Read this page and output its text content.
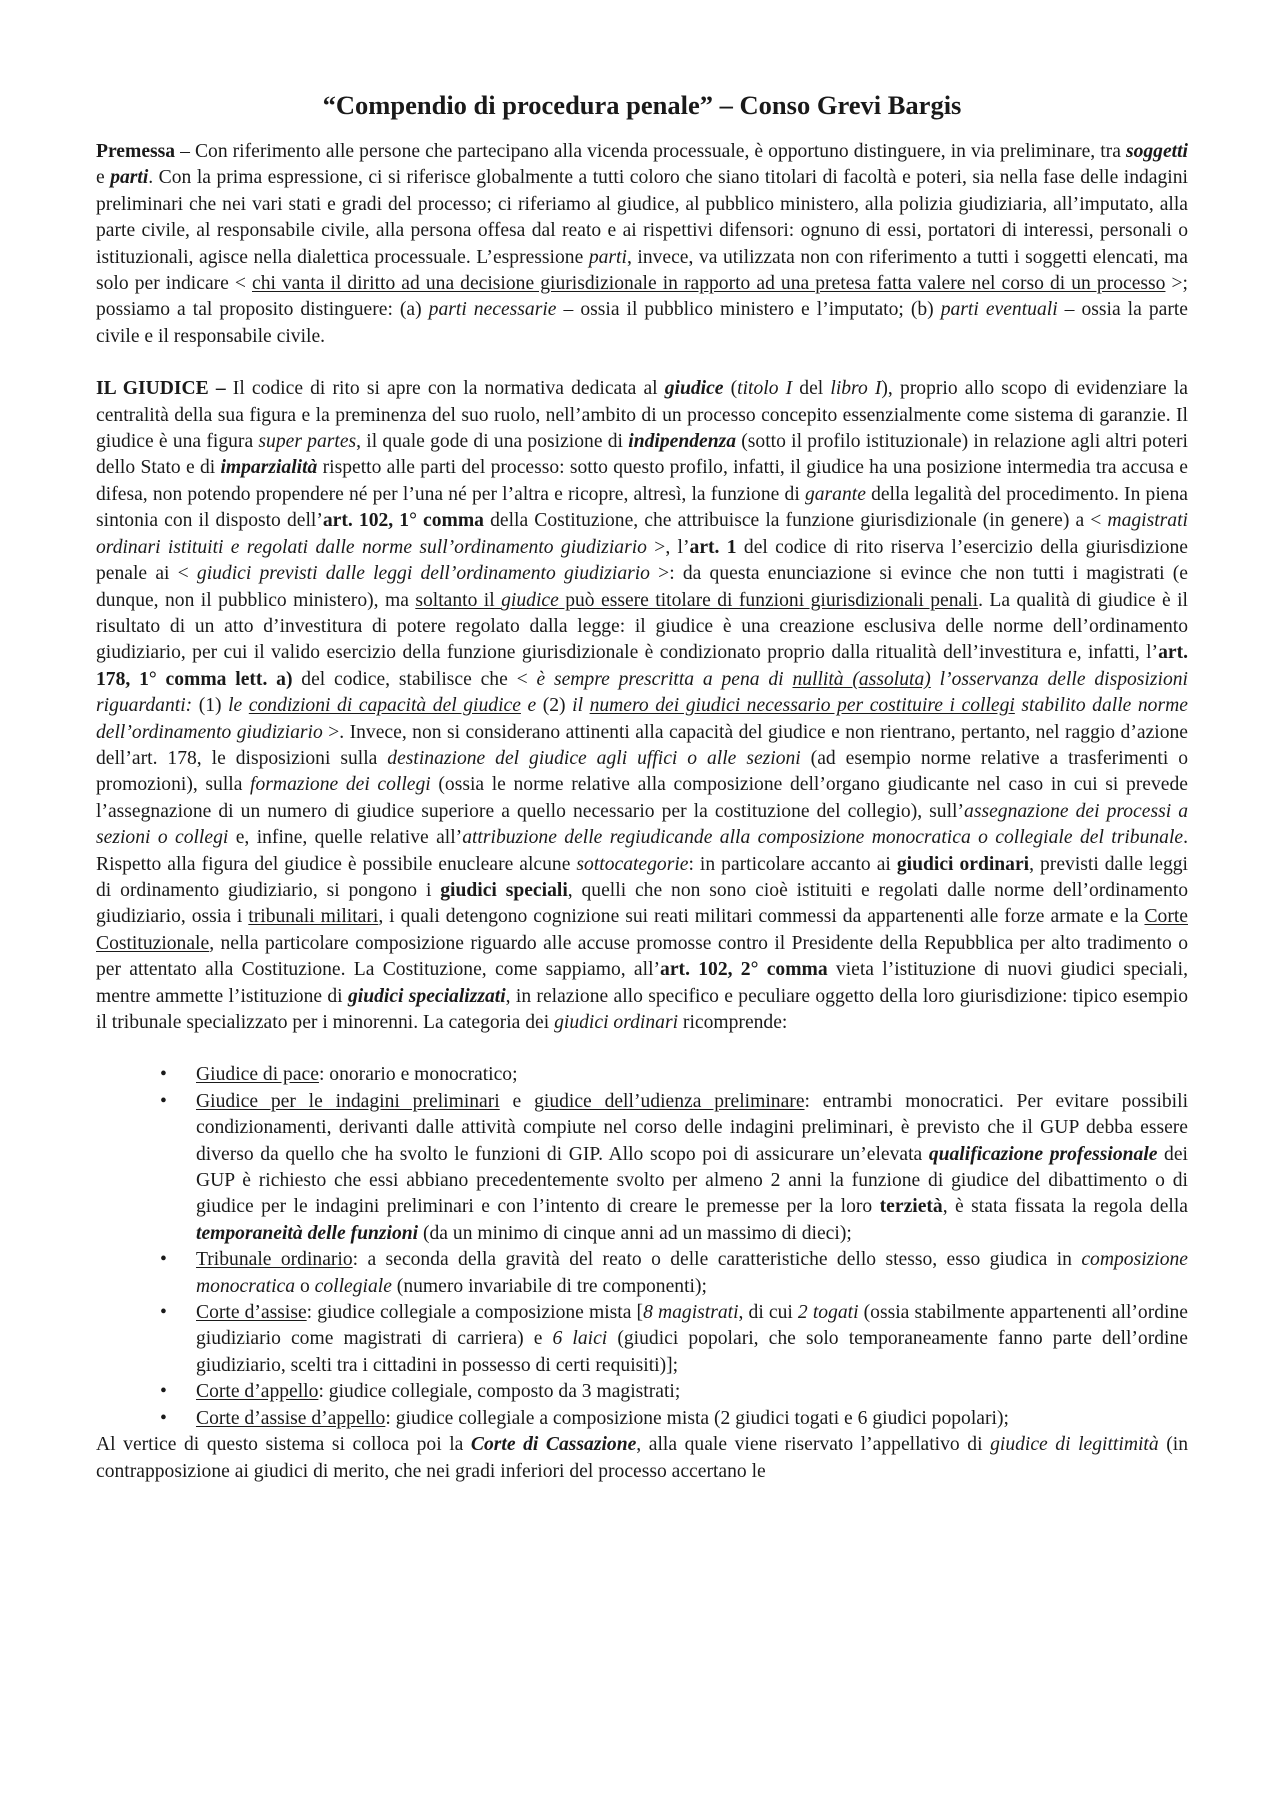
“Compendio di procedura penale” – Conso Grevi Bargis

Premessa – Con riferimento alle persone che partecipano alla vicenda processuale, è opportuno distinguere, in via preliminare, tra soggetti e parti. Con la prima espressione, ci si riferisce globalmente a tutti coloro che siano titolari di facoltà e poteri, sia nella fase delle indagini preliminari che nei vari stati e gradi del processo; ci riferiamo al giudice, al pubblico ministero, alla polizia giudiziaria, all’imputato, alla parte civile, al responsabile civile, alla persona offesa dal reato e ai rispettivi difensori: ognuno di essi, portatori di interessi, personali o istituzionali, agisce nella dialettica processuale. L’espressione parti, invece, va utilizzata non con riferimento a tutti i soggetti elencati, ma solo per indicare < chi vanta il diritto ad una decisione giurisdizionale in rapporto ad una pretesa fatta valere nel corso di un processo >; possiamo a tal proposito distinguere: (a) parti necessarie – ossia il pubblico ministero e l’imputato; (b) parti eventuali – ossia la parte civile e il responsabile civile.

IL GIUDICE – Il codice di rito si apre con la normativa dedicata al giudice (titolo I del libro I), proprio allo scopo di evidenziare la centralità della sua figura e la preminenza del suo ruolo, nell’ambito di un processo concepito essenzialmente come sistema di garanzie. Il giudice è una figura super partes, il quale gode di una posizione di indipendenza (sotto il profilo istituzionale) in relazione agli altri poteri dello Stato e di imparzialità rispetto alle parti del processo: sotto questo profilo, infatti, il giudice ha una posizione intermedia tra accusa e difesa, non potendo propendere né per l’una né per l’altra e ricopre, altresì, la funzione di garante della legalità del procedimento. In piena sintonia con il disposto dell’art. 102, 1° comma della Costituzione, che attribuisce la funzione giurisdizionale (in genere) a < magistrati ordinari istituiti e regolati dalle norme sull’ordinamento giudiziario >, l’art. 1 del codice di rito riserva l’esercizio della giurisdizione penale ai < giudici previsti dalle leggi dell’ordinamento giudiziario >: da questa enunciazione si evince che non tutti i magistrati (e dunque, non il pubblico ministero), ma soltanto il giudice può essere titolare di funzioni giurisdizionali penali. La qualità di giudice è il risultato di un atto d’investitura di potere regolato dalla legge: il giudice è una creazione esclusiva delle norme dell’ordinamento giudiziario, per cui il valido esercizio della funzione giurisdizionale è condizionato proprio dalla ritualità dell’investitura e, infatti, l’art. 178, 1° comma lett. a) del codice, stabilisce che < è sempre prescritta a pena di nullità (assoluta) l’osservanza delle disposizioni riguardanti: (1) le condizioni di capacità del giudice e (2) il numero dei giudici necessario per costituire i collegi stabilito dalle norme dell’ordinamento giudiziario >. Invece, non si considerano attinenti alla capacità del giudice e non rientrano, pertanto, nel raggio d’azione dell’art. 178, le disposizioni sulla destinazione del giudice agli uffici o alle sezioni (ad esempio norme relative a trasferimenti o promozioni), sulla formazione dei collegi (ossia le norme relative alla composizione dell’organo giudicante nel caso in cui si prevede l’assegnazione di un numero di giudice superiore a quello necessario per la costituzione del collegio), sull’assegnazione dei processi a sezioni o collegi e, infine, quelle relative all’attribuzione delle regiudicande alla composizione monocratica o collegiale del tribunale. Rispetto alla figura del giudice è possibile enucleare alcune sottocategorie: in particolare accanto ai giudici ordinari, previsti dalle leggi di ordinamento giudiziario, si pongono i giudici speciali, quelli che non sono cioè istituiti e regolati dalle norme dell’ordinamento giudiziario, ossia i tribunali militari, i quali detengono cognizione sui reati militari commessi da appartenenti alle forze armate e la Corte Costituzionale, nella particolare composizione riguardo alle accuse promosse contro il Presidente della Repubblica per alto tradimento o per attentato alla Costituzione. La Costituzione, come sappiamo, all’art. 102, 2° comma vieta l’istituzione di nuovi giudici speciali, mentre ammette l’istituzione di giudici specializzati, in relazione allo specifico e peculiare oggetto della loro giurisdizione: tipico esempio il tribunale specializzato per i minorenni. La categoria dei giudici ordinari ricomprende:

• Giudice di pace: onorario e monocratico;
• Giudice per le indagini preliminari e giudice dell’udienza preliminare: entrambi monocratici. Per evitare possibili condizionamenti, derivanti dalle attività compiute nel corso delle indagini preliminari, è previsto che il GUP debba essere diverso da quello che ha svolto le funzioni di GIP. Allo scopo poi di assicurare un’elevata qualificazione professionale dei GUP è richiesto che essi abbiano precedentemente svolto per almeno 2 anni la funzione di giudice del dibattimento o di giudice per le indagini preliminari e con l’intento di creare le premesse per la loro terzietà, è stata fissata la regola della temporaneità delle funzioni (da un minimo di cinque anni ad un massimo di dieci);
• Tribunale ordinario: a seconda della gravità del reato o delle caratteristiche dello stesso, esso giudica in composizione monocratica o collegiale (numero invariabile di tre componenti);
• Corte d’assise: giudice collegiale a composizione mista [8 magistrati, di cui 2 togati (ossia stabilmente appartenenti all’ordine giudiziario come magistrati di carriera) e 6 laici (giudici popolari, che solo temporaneamente fanno parte dell’ordine giudiziario, scelti tra i cittadini in possesso di certi requisiti)];
• Corte d’appello: giudice collegiale, composto da 3 magistrati;
• Corte d’assise d’appello: giudice collegiale a composizione mista (2 giudici togati e 6 giudici popolari);

Al vertice di questo sistema si colloca poi la Corte di Cassazione, alla quale viene riservato l’appellativo di giudice di legittimità (in contrapposizione ai giudici di merito, che nei gradi inferiori del processo accertano le
